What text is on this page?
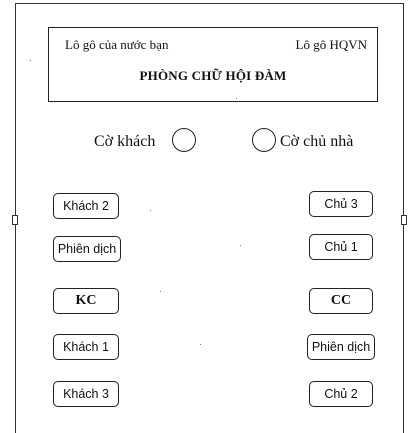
Lô gô của nước bạn	Lô gô HQVN
PHÒNG CHỮ HỘI ĐÀM
Cờ khách	Cờ chủ nhà
Khách 2
Phiên dịch
KC
Khách 1
Khách 3
Chủ 3
Chủ 1
CC
Phiên dịch
Chủ 2
